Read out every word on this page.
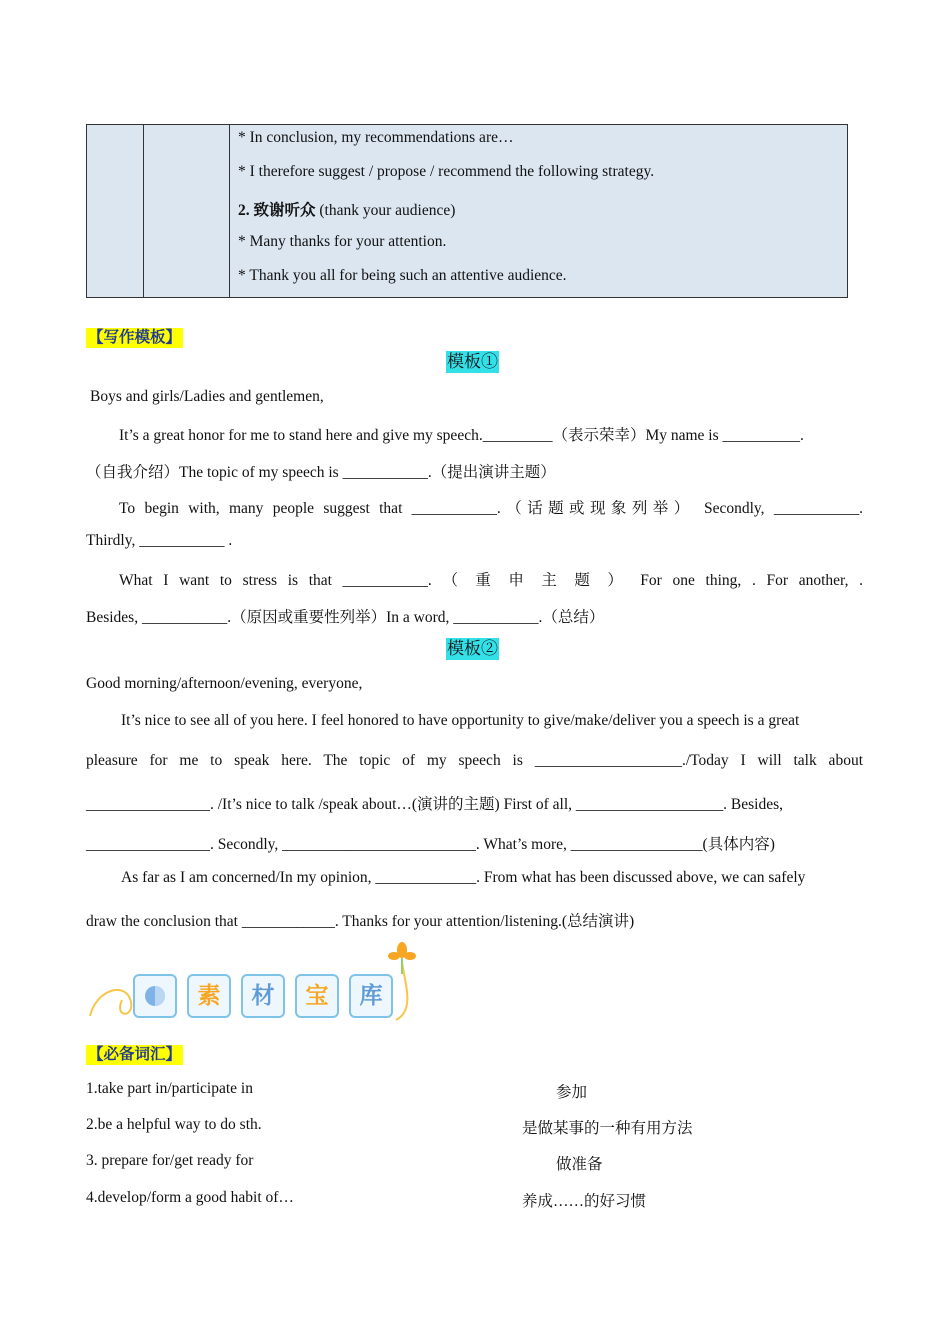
* In conclusion, my recommendations are…
* I therefore suggest / propose / recommend the following strategy.
2. 致谢听众 (thank your audience)
* Many thanks for your attention.
* Thank you all for being such an attentive audience.
【写作模板】
模板①
Boys and girls/Ladies and gentlemen,
It’s a great honor for me to stand here and give my speech._________（表示荣幸）My name is __________.
（自我介绍）The topic of my speech is ___________.（提出演讲主题）
To begin with, many people suggest that ___________.（话题或现象列举） Secondly, ___________.
Thirdly, ___________ .
What I want to stress is that ___________. （ 重 申 主 题 ） For one thing, . For another, .
Besides, ___________.（原因或重要性列举）In a word, ___________.（总结）
模板②
Good morning/afternoon/evening, everyone,
It’s nice to see all of you here. I feel honored to have opportunity to give/make/deliver you a speech is a great
pleasure for me to speak here. The topic of my speech is ___________________./Today I will talk about
________________. /It’s nice to talk /speak about…(演讲的主题) First of all, ___________________. Besides,
________________. Secondly, _________________________. What’s more, _________________(具体内容)
As far as I am concerned/In my opinion, _____________. From what has been discussed above, we can safely
draw the conclusion that ____________. Thanks for your attention/listening.(总结演讲)
素	材	宝	库
【必备词汇】
1.take part in/participate in	参加
2.be a helpful way to do sth.	是做某事的一种有用方法
3. prepare for/get ready for	做准备
4.develop/form a good habit of…	养成……的好习惯
